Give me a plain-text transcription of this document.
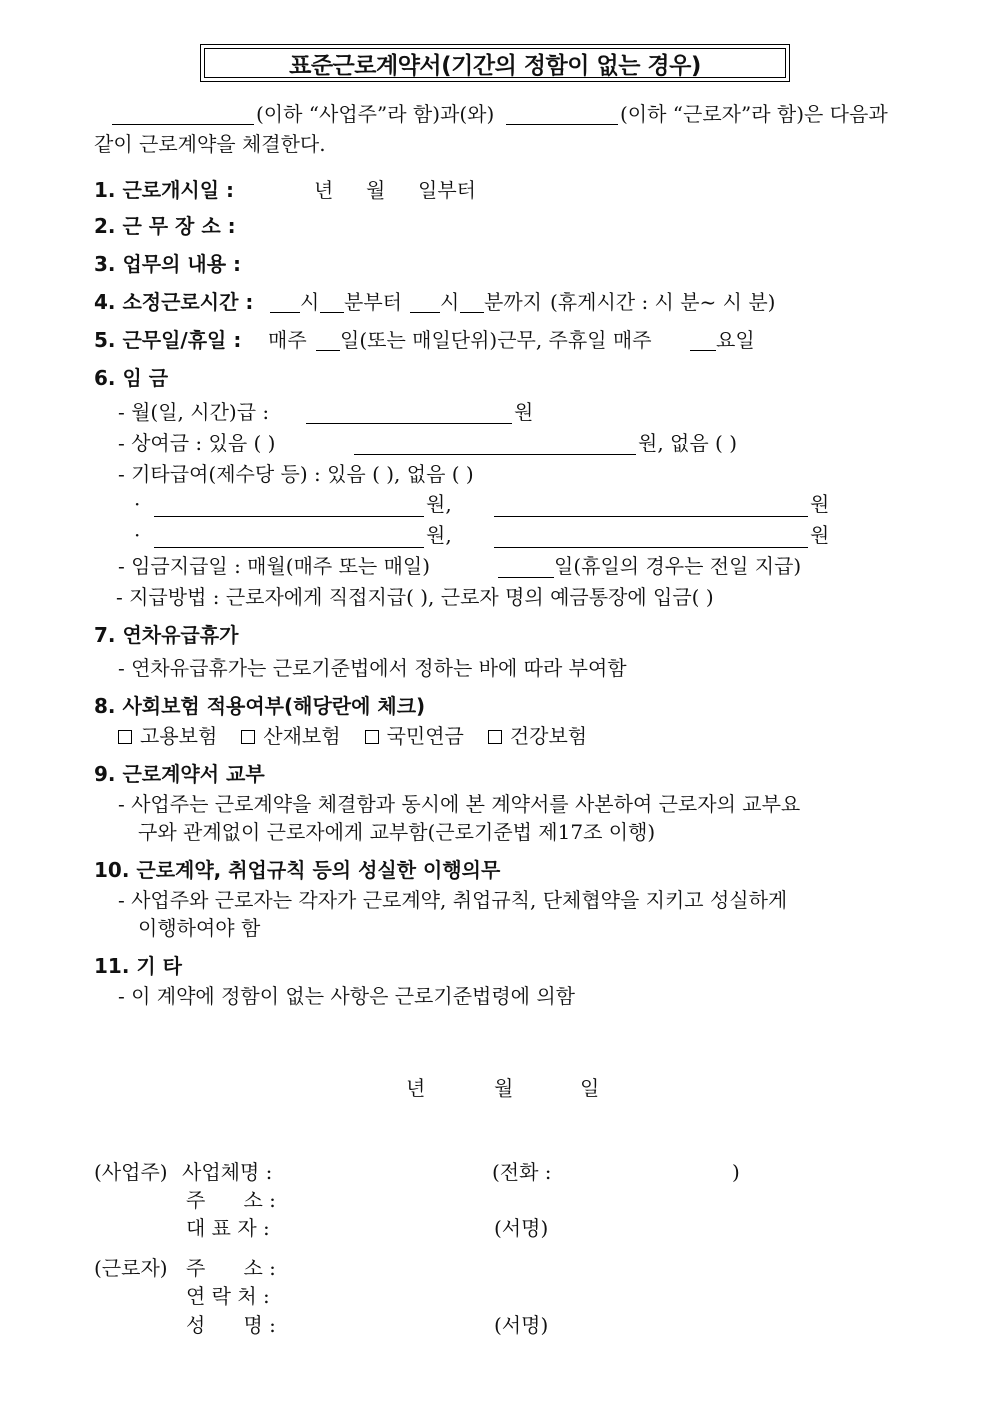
표준근로계약서(기간의 정함이 없는 경우)
(이하 “사업주”라 함)과(와)	(이하 “근로자”라 함)은 다음과
같이 근로계약을 체결한다.
1. 근로개시일 :	년 월 일부터
2. 근 무 장 소 :
3. 업무의 내용 :
4. 소정근로시간 : 시 분부터 시 분까지 (휴게시간 : 시 분~ 시 분)
5. 근무일/휴일 : 매주 일(또는 매일단위)근무, 주휴일 매주	요일
6. 임 금
- 월(일, 시간)급 :	원
- 상여금 : 있음 ( )	원, 없음 ( )
- 기타급여(제수당 등) : 있음 ( ), 없음 ( )
·	원,	원
·	원,	원
- 임금지급일 : 매월(매주 또는 매일)	일(휴일의 경우는 전일 지급)
- 지급방법 : 근로자에게 직접지급( ), 근로자 명의 예금통장에 입금( )
7. 연차유급휴가
- 연차유급휴가는 근로기준법에서 정하는 바에 따라 부여함
8. 사회보험 적용여부(해당란에 체크)
고용보험 산재보험 국민연금 건강보험
9. 근로계약서 교부
- 사업주는 근로계약을 체결함과 동시에 본 계약서를 사본하여 근로자의 교부요
구와 관계없이 근로자에게 교부함(근로기준법 제17조 이행)
10. 근로계약, 취업규칙 등의 성실한 이행의무
- 사업주와 근로자는 각자가 근로계약, 취업규칙, 단체협약을 지키고 성실하게
이행하여야 함
11. 기 타
- 이 계약에 정함이 없는 사항은 근로기준법령에 의함
년	월	일
(사업주) 사업체명 :	(전화 :	)
주      소 :
대 표 자 :	(서명)
(근로자) 주      소 :
연 락 처 :
성      명 :	(서명)
